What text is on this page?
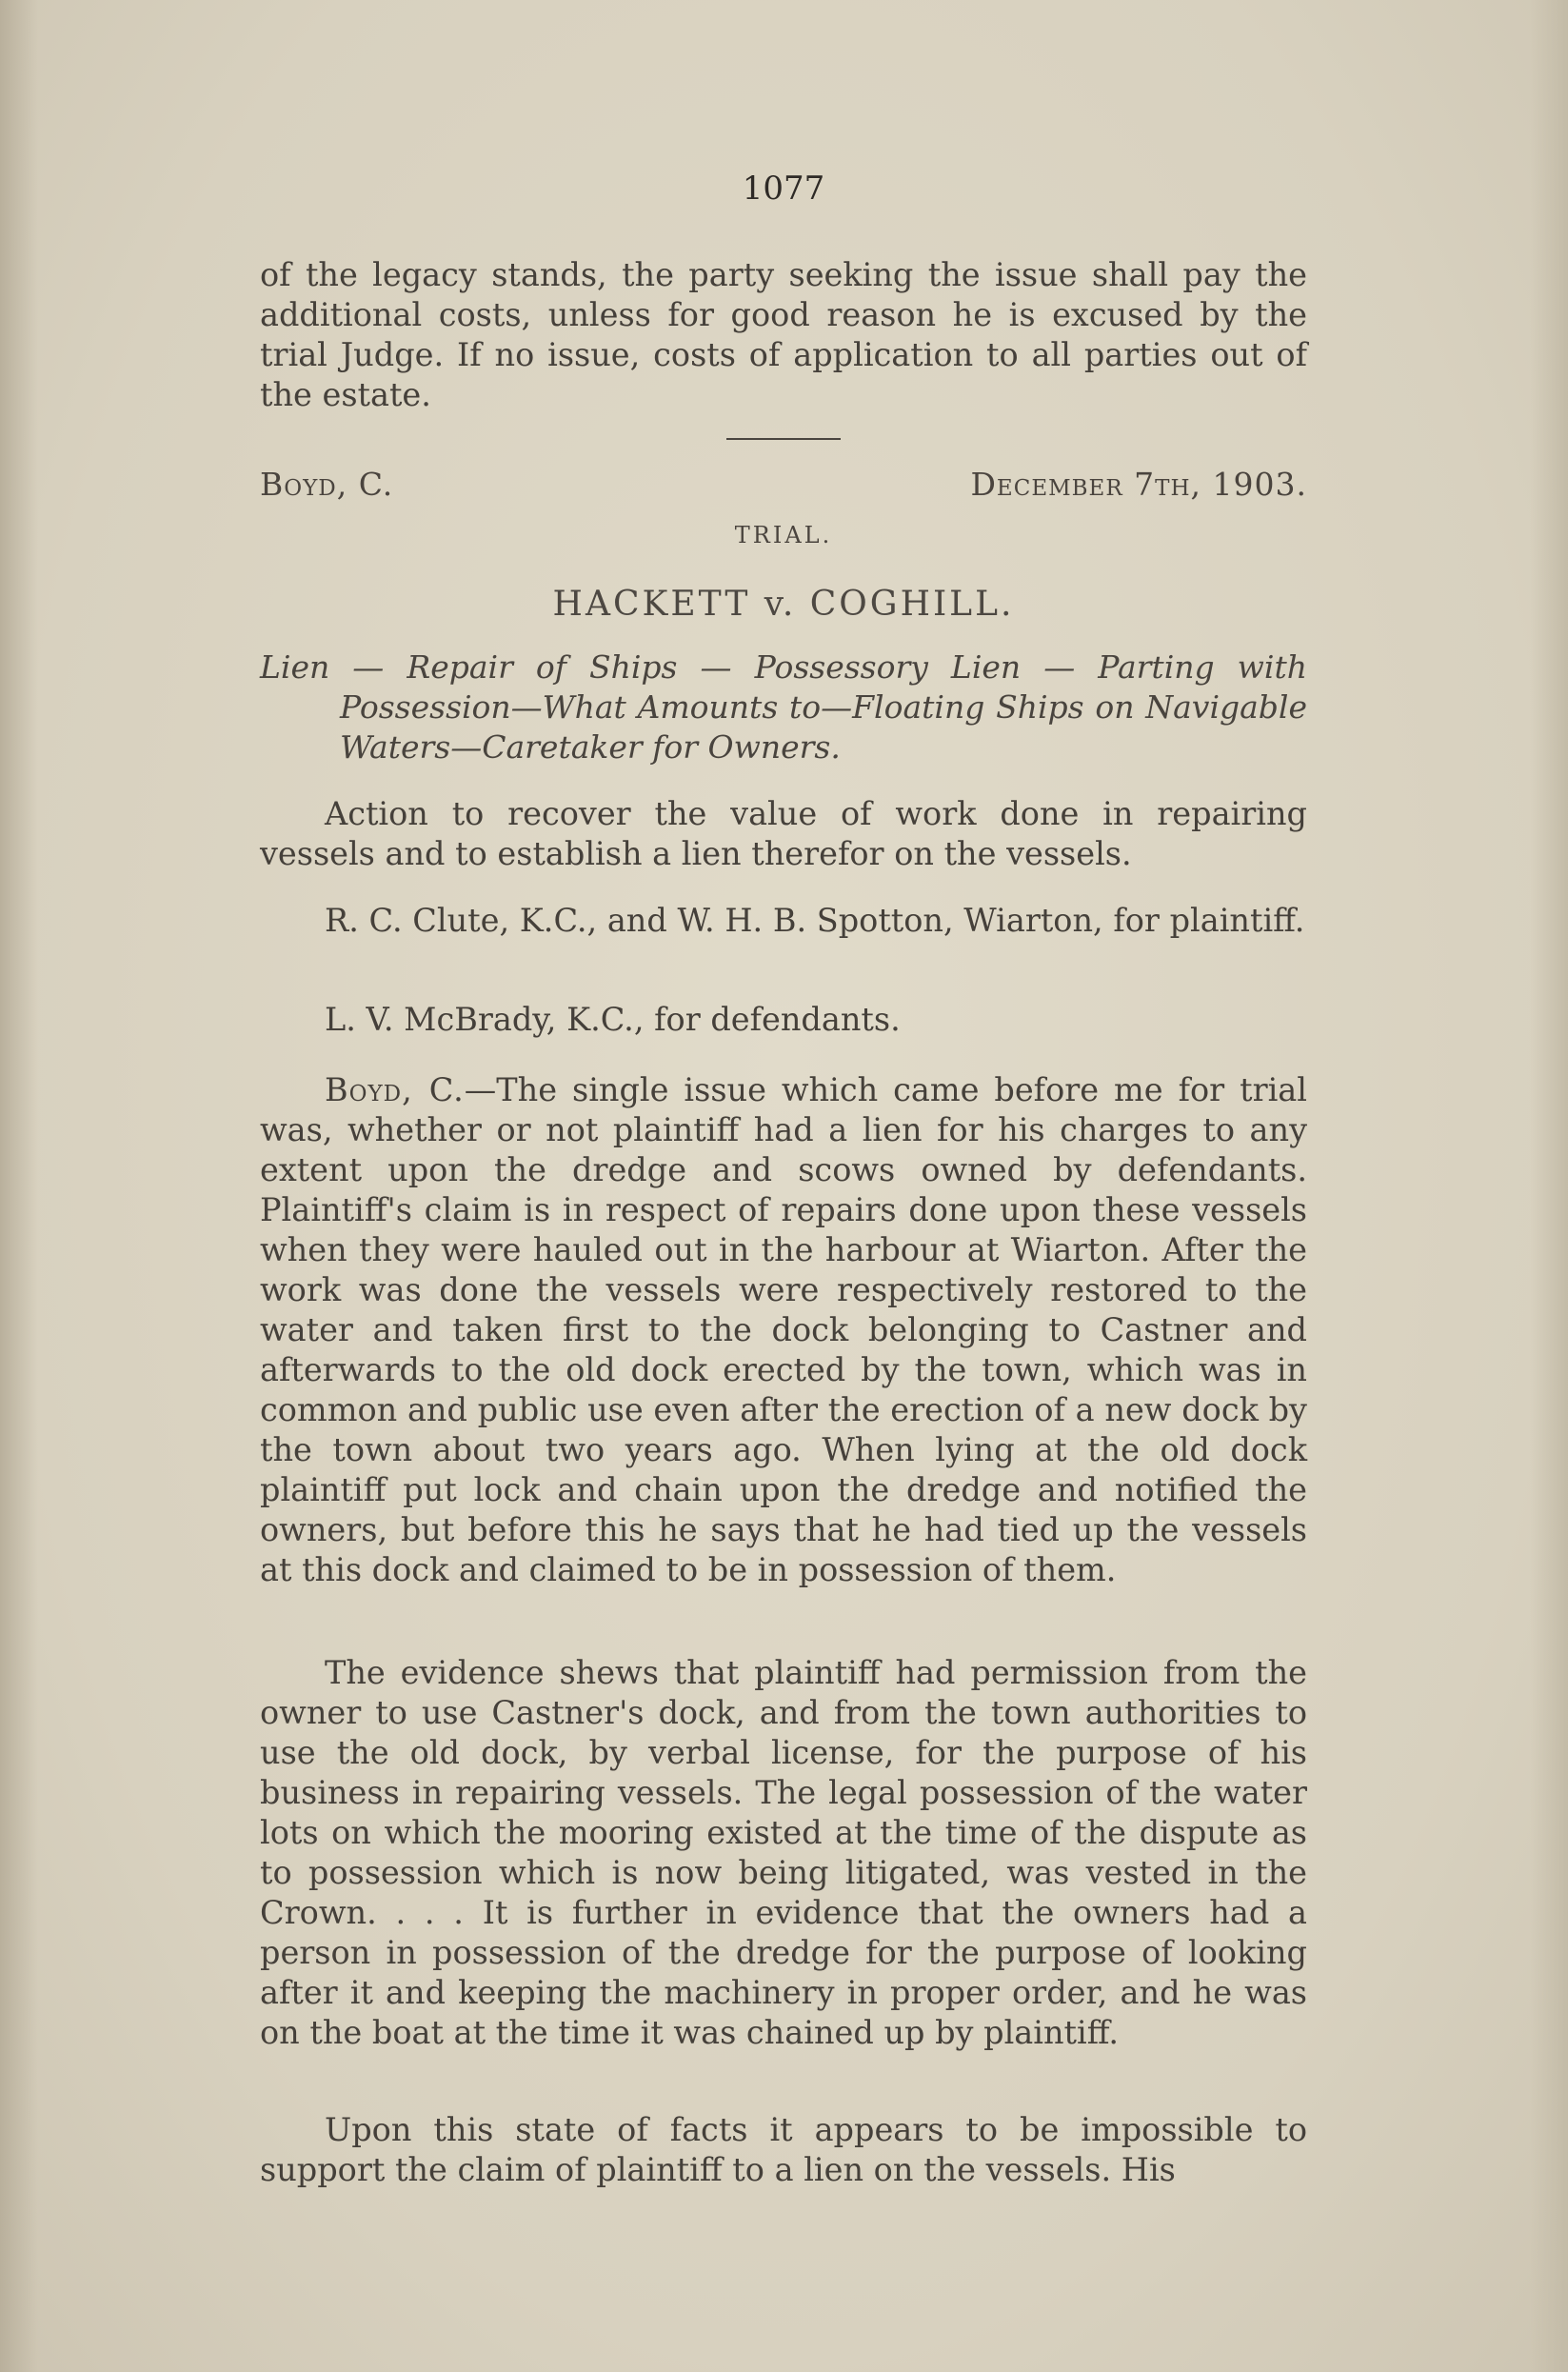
1077

of the legacy stands, the party seeking the issue shall pay the additional costs, unless for good reason he is excused by the trial Judge. If no issue, costs of application to all parties out of the estate.

Boyd, C.	December 7th, 1903.
TRIAL.
HACKETT v. COGHILL.

Lien — Repair of Ships — Possessory Lien — Parting with Possession—What Amounts to—Floating Ships on Navigable Waters—Caretaker for Owners.

Action to recover the value of work done in repairing vessels and to establish a lien therefor on the vessels.

R. C. Clute, K.C., and W. H. B. Spotton, Wiarton, for plaintiff.

L. V. McBrady, K.C., for defendants.

Boyd, C.—The single issue which came before me for trial was, whether or not plaintiff had a lien for his charges to any extent upon the dredge and scows owned by defendants. Plaintiff's claim is in respect of repairs done upon these vessels when they were hauled out in the harbour at Wiarton. After the work was done the vessels were respectively restored to the water and taken first to the dock belonging to Castner and afterwards to the old dock erected by the town, which was in common and public use even after the erection of a new dock by the town about two years ago. When lying at the old dock plaintiff put lock and chain upon the dredge and notified the owners, but before this he says that he had tied up the vessels at this dock and claimed to be in possession of them.

The evidence shews that plaintiff had permission from the owner to use Castner's dock, and from the town authorities to use the old dock, by verbal license, for the purpose of his business in repairing vessels. The legal possession of the water lots on which the mooring existed at the time of the dispute as to possession which is now being litigated, was vested in the Crown. . . . It is further in evidence that the owners had a person in possession of the dredge for the purpose of looking after it and keeping the machinery in proper order, and he was on the boat at the time it was chained up by plaintiff.

Upon this state of facts it appears to be impossible to support the claim of plaintiff to a lien on the vessels. His
